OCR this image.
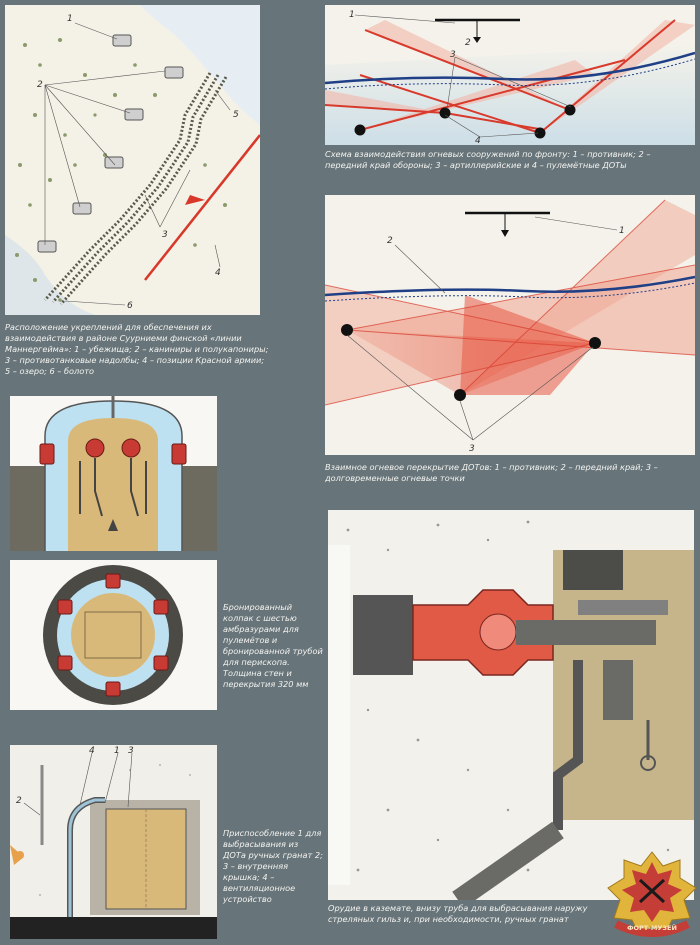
1
2
3
4
5
6
Расположение укреплений для обеспечения их взаимодействия в районе Суурниеми финской «линии Маннергейма»: 1 – убежища; 2 – каниниры и полукапониры; 3 – противотанковые надолбы; 4 – позиции Красной армии; 5 – озеро; 6 – болото
1
2
3
4
Схема взаимодействия огневых сооружений по фронту: 1 – противник; 2 – передний край обороны; 3 – артиллерийские и 4 – пулемётные ДОТы
1
2
3
Взаимное огневое перекрытие ДОТов: 1 – противник; 2 – передний край; 3 – долговременные огневые точки
Бронированный колпак с шестью амбразурами для пулемётов и бронированной трубой для перископа. Толщина стен и перекрытия 320 мм
2
4 1 3
Приспособление 1 для выбрасывания из ДОТа ручных гранат 2; 3 – внутренняя крышка; 4 – вентиляционное устройство
Орудие в каземате, внизу труба для выбрасывания наружу стреляных гильз и, при необходимости, ручных гранат
ФОРТ-МУЗЕЙ
